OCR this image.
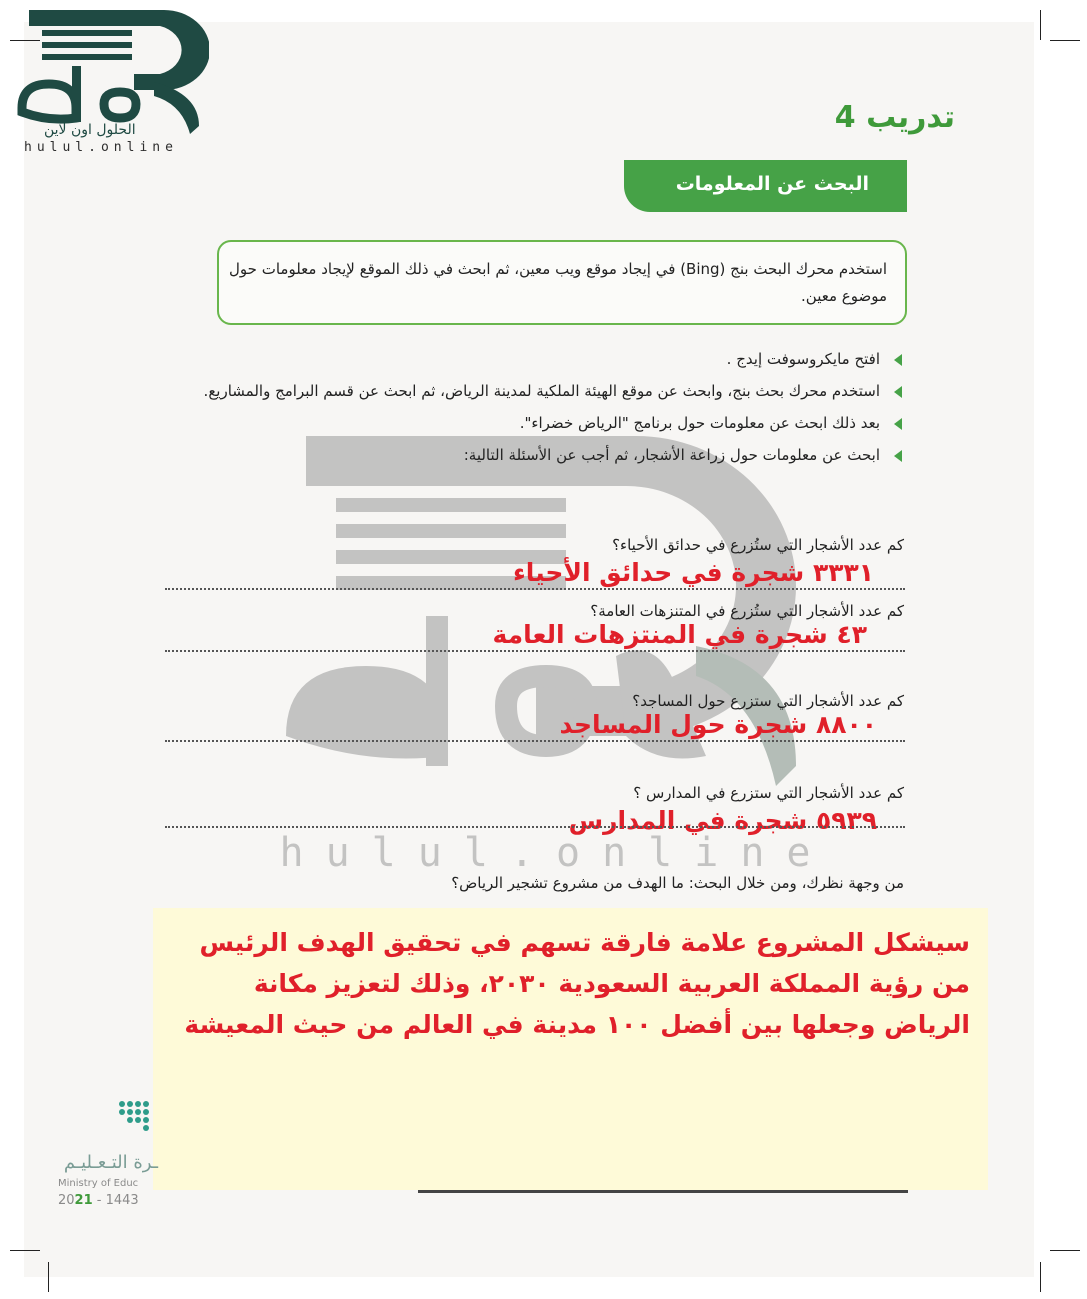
hulul.online
الحلول اون لاين
hulul.online
تدريب 4
البحث عن المعلومات

استخدم محرك البحث بنج (Bing) في إيجاد موقع ويب معين، ثم ابحث في ذلك الموقع لإيجاد معلومات حول موضوع معين.

افتح مايكروسوفت إيدج .
استخدم محرك بحث بنج، وابحث عن موقع الهيئة الملكية لمدينة الرياض، ثم ابحث عن قسم البرامج والمشاريع.
بعد ذلك ابحث عن معلومات حول برنامج "الرياض خضراء".
ابحث عن معلومات حول زراعة الأشجار، ثم أجب عن الأسئلة التالية:
كم عدد الأشجار التي ستُزرع في حدائق الأحياء؟
٣٣٣١ شجرة في حدائق الأحياء
كم عدد الأشجار التي ستُزرع في المتنزهات العامة؟
٤٣ شجرة في المنتزهات العامة
كم عدد الأشجار التي ستزرع حول المساجد؟
٨٨٠٠ شجرة حول المساجد
كم عدد الأشجار التي ستزرع في المدارس ؟
٥٩٣٩ شجرة في المدارس
من وجهة نظرك، ومن خلال البحث: ما الهدف من مشروع تشجير الرياض؟

سيشكل المشروع علامة فارقة تسهم في تحقيق الهدف الرئيس من رؤية المملكة العربية السعودية ٢٠٣٠، وذلك لتعزيز مكانة الرياض وجعلها بين أفضل ١٠٠ مدينة في العالم من حيث المعيشة

ـرة التـعـليـم
Ministry of Educ
2021 - 1443
